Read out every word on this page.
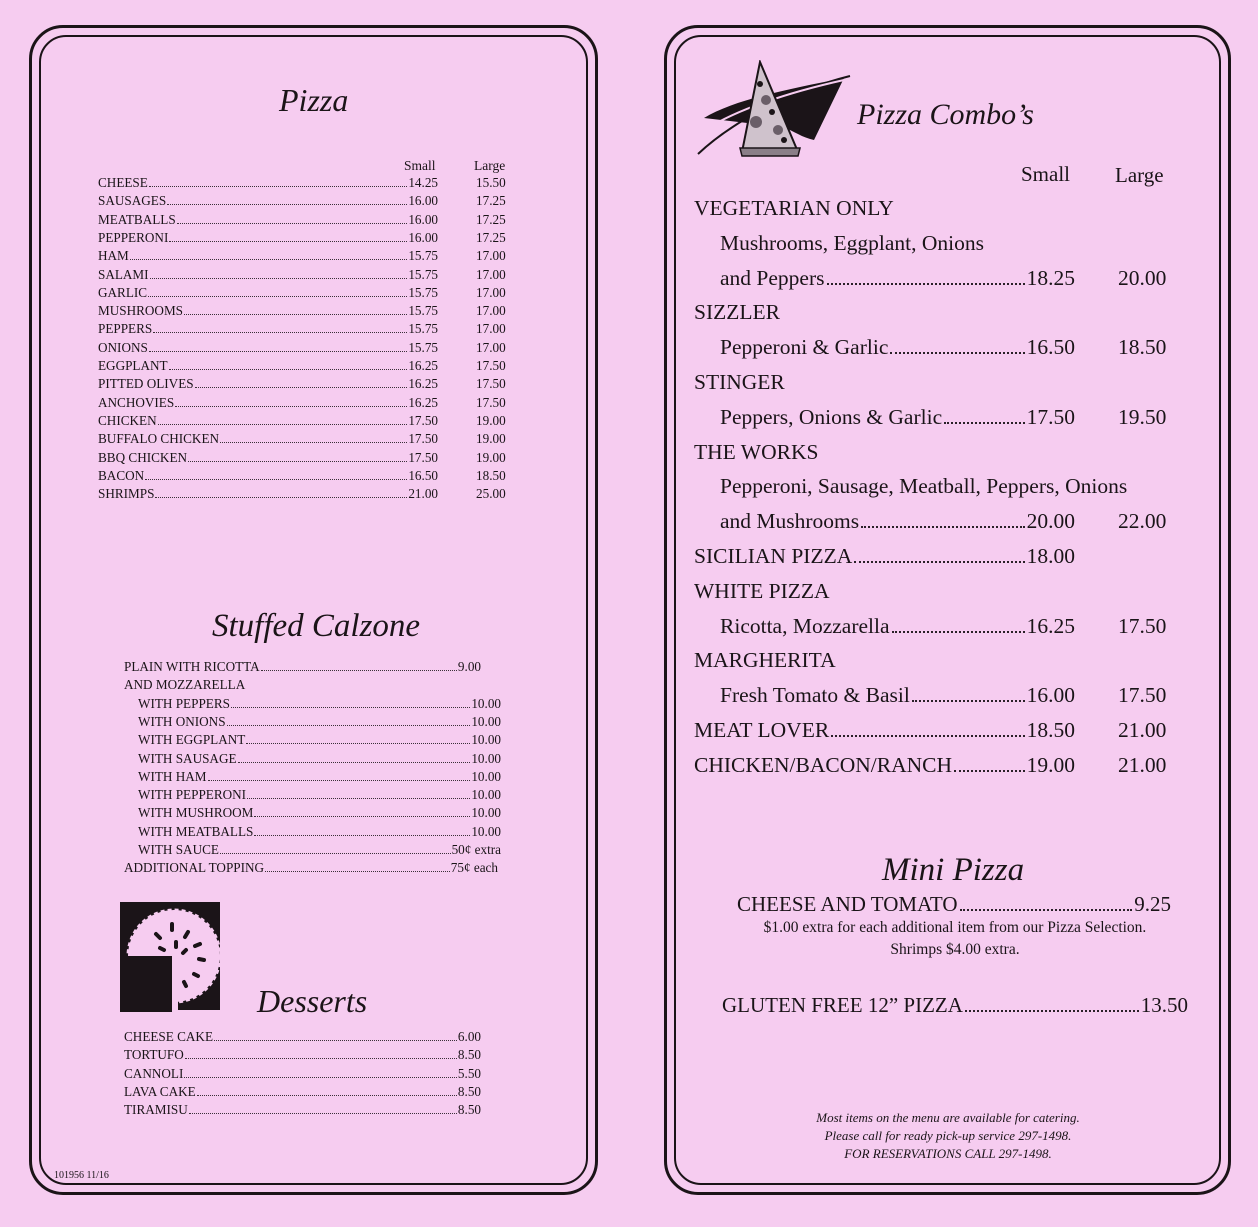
Pizza
Small	Large
CHEESE	14.25	15.50
SAUSAGES	16.00	17.25
MEATBALLS	16.00	17.25
PEPPERONI	16.00	17.25
HAM	15.75	17.00
SALAMI	15.75	17.00
GARLIC	15.75	17.00
MUSHROOMS	15.75	17.00
PEPPERS	15.75	17.00
ONIONS	15.75	17.00
EGGPLANT	16.25	17.50
PITTED OLIVES	16.25	17.50
ANCHOVIES	16.25	17.50
CHICKEN	17.50	19.00
BUFFALO CHICKEN	17.50	19.00
BBQ CHICKEN	17.50	19.00
BACON	16.50	18.50
SHRIMPS	21.00	25.00
Stuffed Calzone
PLAIN WITH RICOTTA	9.00
AND MOZZARELLA
WITH PEPPERS	10.00
WITH ONIONS	10.00
WITH EGGPLANT	10.00
WITH SAUSAGE	10.00
WITH HAM	10.00
WITH PEPPERONI	10.00
WITH MUSHROOM	10.00
WITH MEATBALLS	10.00
WITH SAUCE	50¢ extra
ADDITIONAL TOPPING	75¢ each
Desserts
CHEESE CAKE	6.00
TORTUFO	8.50
CANNOLI	5.50
LAVA CAKE	8.50
TIRAMISU	8.50
101956 11/16
Pizza Combo’s
Small Large
VEGETARIAN ONLY
Mushrooms, Eggplant, Onions
and Peppers	18.25 20.00
SIZZLER
Pepperoni & Garlic	16.50 18.50
STINGER
Peppers, Onions & Garlic	17.50 19.50
THE WORKS
Pepperoni, Sausage, Meatball, Peppers, Onions
and Mushrooms	20.00 22.00
SICILIAN PIZZA	18.00
WHITE PIZZA
Ricotta, Mozzarella	16.25 17.50
MARGHERITA
Fresh Tomato & Basil	16.00 17.50
MEAT LOVER	18.50 21.00
CHICKEN/BACON/RANCH	19.00 21.00
Mini Pizza
CHEESE AND TOMATO	9.25
$1.00 extra for each additional item from our Pizza Selection.
Shrimps $4.00 extra.
GLUTEN FREE 12” PIZZA	13.50
Most items on the menu are available for catering.
Please call for ready pick-up service 297-1498.
FOR RESERVATIONS CALL 297-1498.
